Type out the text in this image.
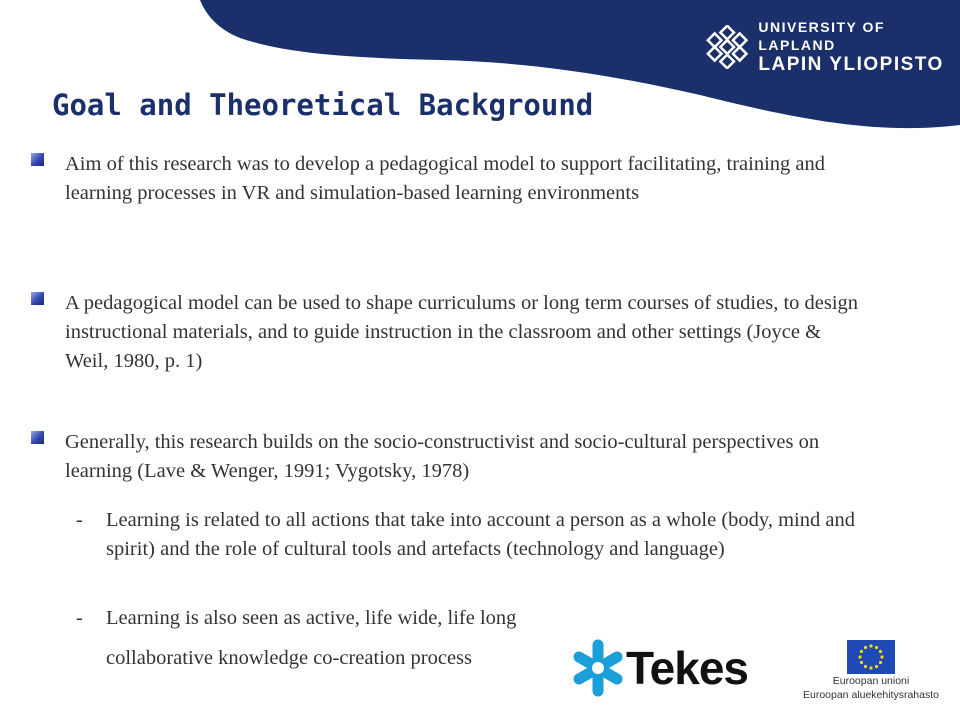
UNIVERSITY OF LAPLAND
LAPIN YLIOPISTO
Goal and Theoretical Background

Aim of this research was to develop a pedagogical model to support facilitating, training and learning processes in VR and simulation-based learning environments

A pedagogical model can be used to shape curriculums or long term courses of studies, to design instructional materials, and to guide instruction in the classroom and other settings (Joyce & Weil, 1980, p. 1)

Generally, this research builds on the socio-constructivist and socio-cultural perspectives on learning (Lave & Wenger, 1991; Vygotsky, 1978)

- Learning is related to all actions that take into account a person as a whole (body, mind and spirit) and the role of cultural tools and artefacts (technology and language)

- Learning is also seen as active, life wide, life long

collaborative knowledge co-creation process	Tekes	Euroopan unioni
Euroopan aluekehitysrahasto
